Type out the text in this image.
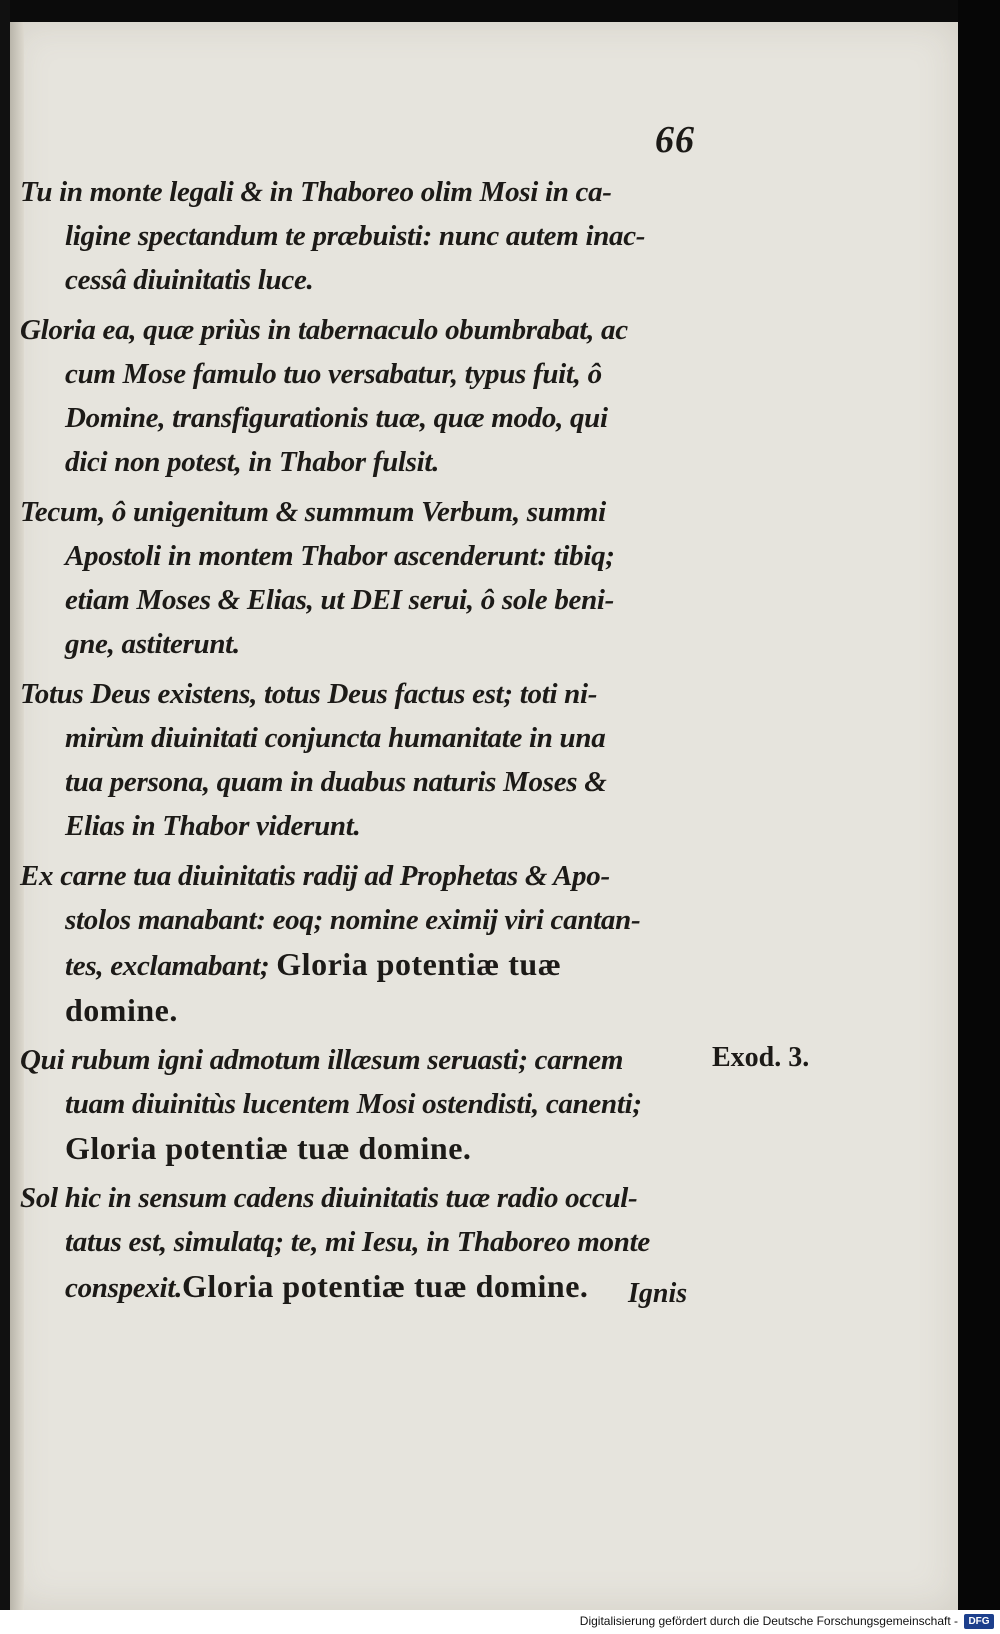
66
Tu in monte legali & in Thaboreo olim Mosi in ca-
ligine spectandum te præbuisti: nunc autem inac-
cessâ diuinitatis luce.
Gloria ea, quæ priùs in tabernaculo obumbrabat, ac
cum Mose famulo tuo versabatur, typus fuit, ô
Domine, transfigurationis tuæ, quæ modo, qui
dici non potest, in Thabor fulsit.
Tecum, ô unigenitum & summum Verbum, summi
Apostoli in montem Thabor ascenderunt: tibiq;
etiam Moses & Elias, ut DEI serui, ô sole beni-
gne, astiterunt.
Totus Deus existens, totus Deus factus est; toti ni-
mirùm diuinitati conjuncta humanitate in una
tua persona, quam in duabus naturis Moses &
Elias in Thabor viderunt.
Ex carne tua diuinitatis radij ad Prophetas & Apo-
stolos manabant: eoq; nomine eximij viri cantan-
tes, exclamabant; Gloria potentiæ tuæ
domine.
Qui rubum igni admotum illæsum seruasti; carnem
tuam diuinitùs lucentem Mosi ostendisti, canenti;
Gloria potentiæ tuæ domine.
Sol hic in sensum cadens diuinitatis tuæ radio occul-
tatus est, simulatq; te, mi Iesu, in Thaboreo monte
conspexit.Gloria potentiæ tuæ domine.
Exod. 3.
Ignis
Digitalisierung gefördert durch die Deutsche Forschungsgemeinschaft -	DFG
